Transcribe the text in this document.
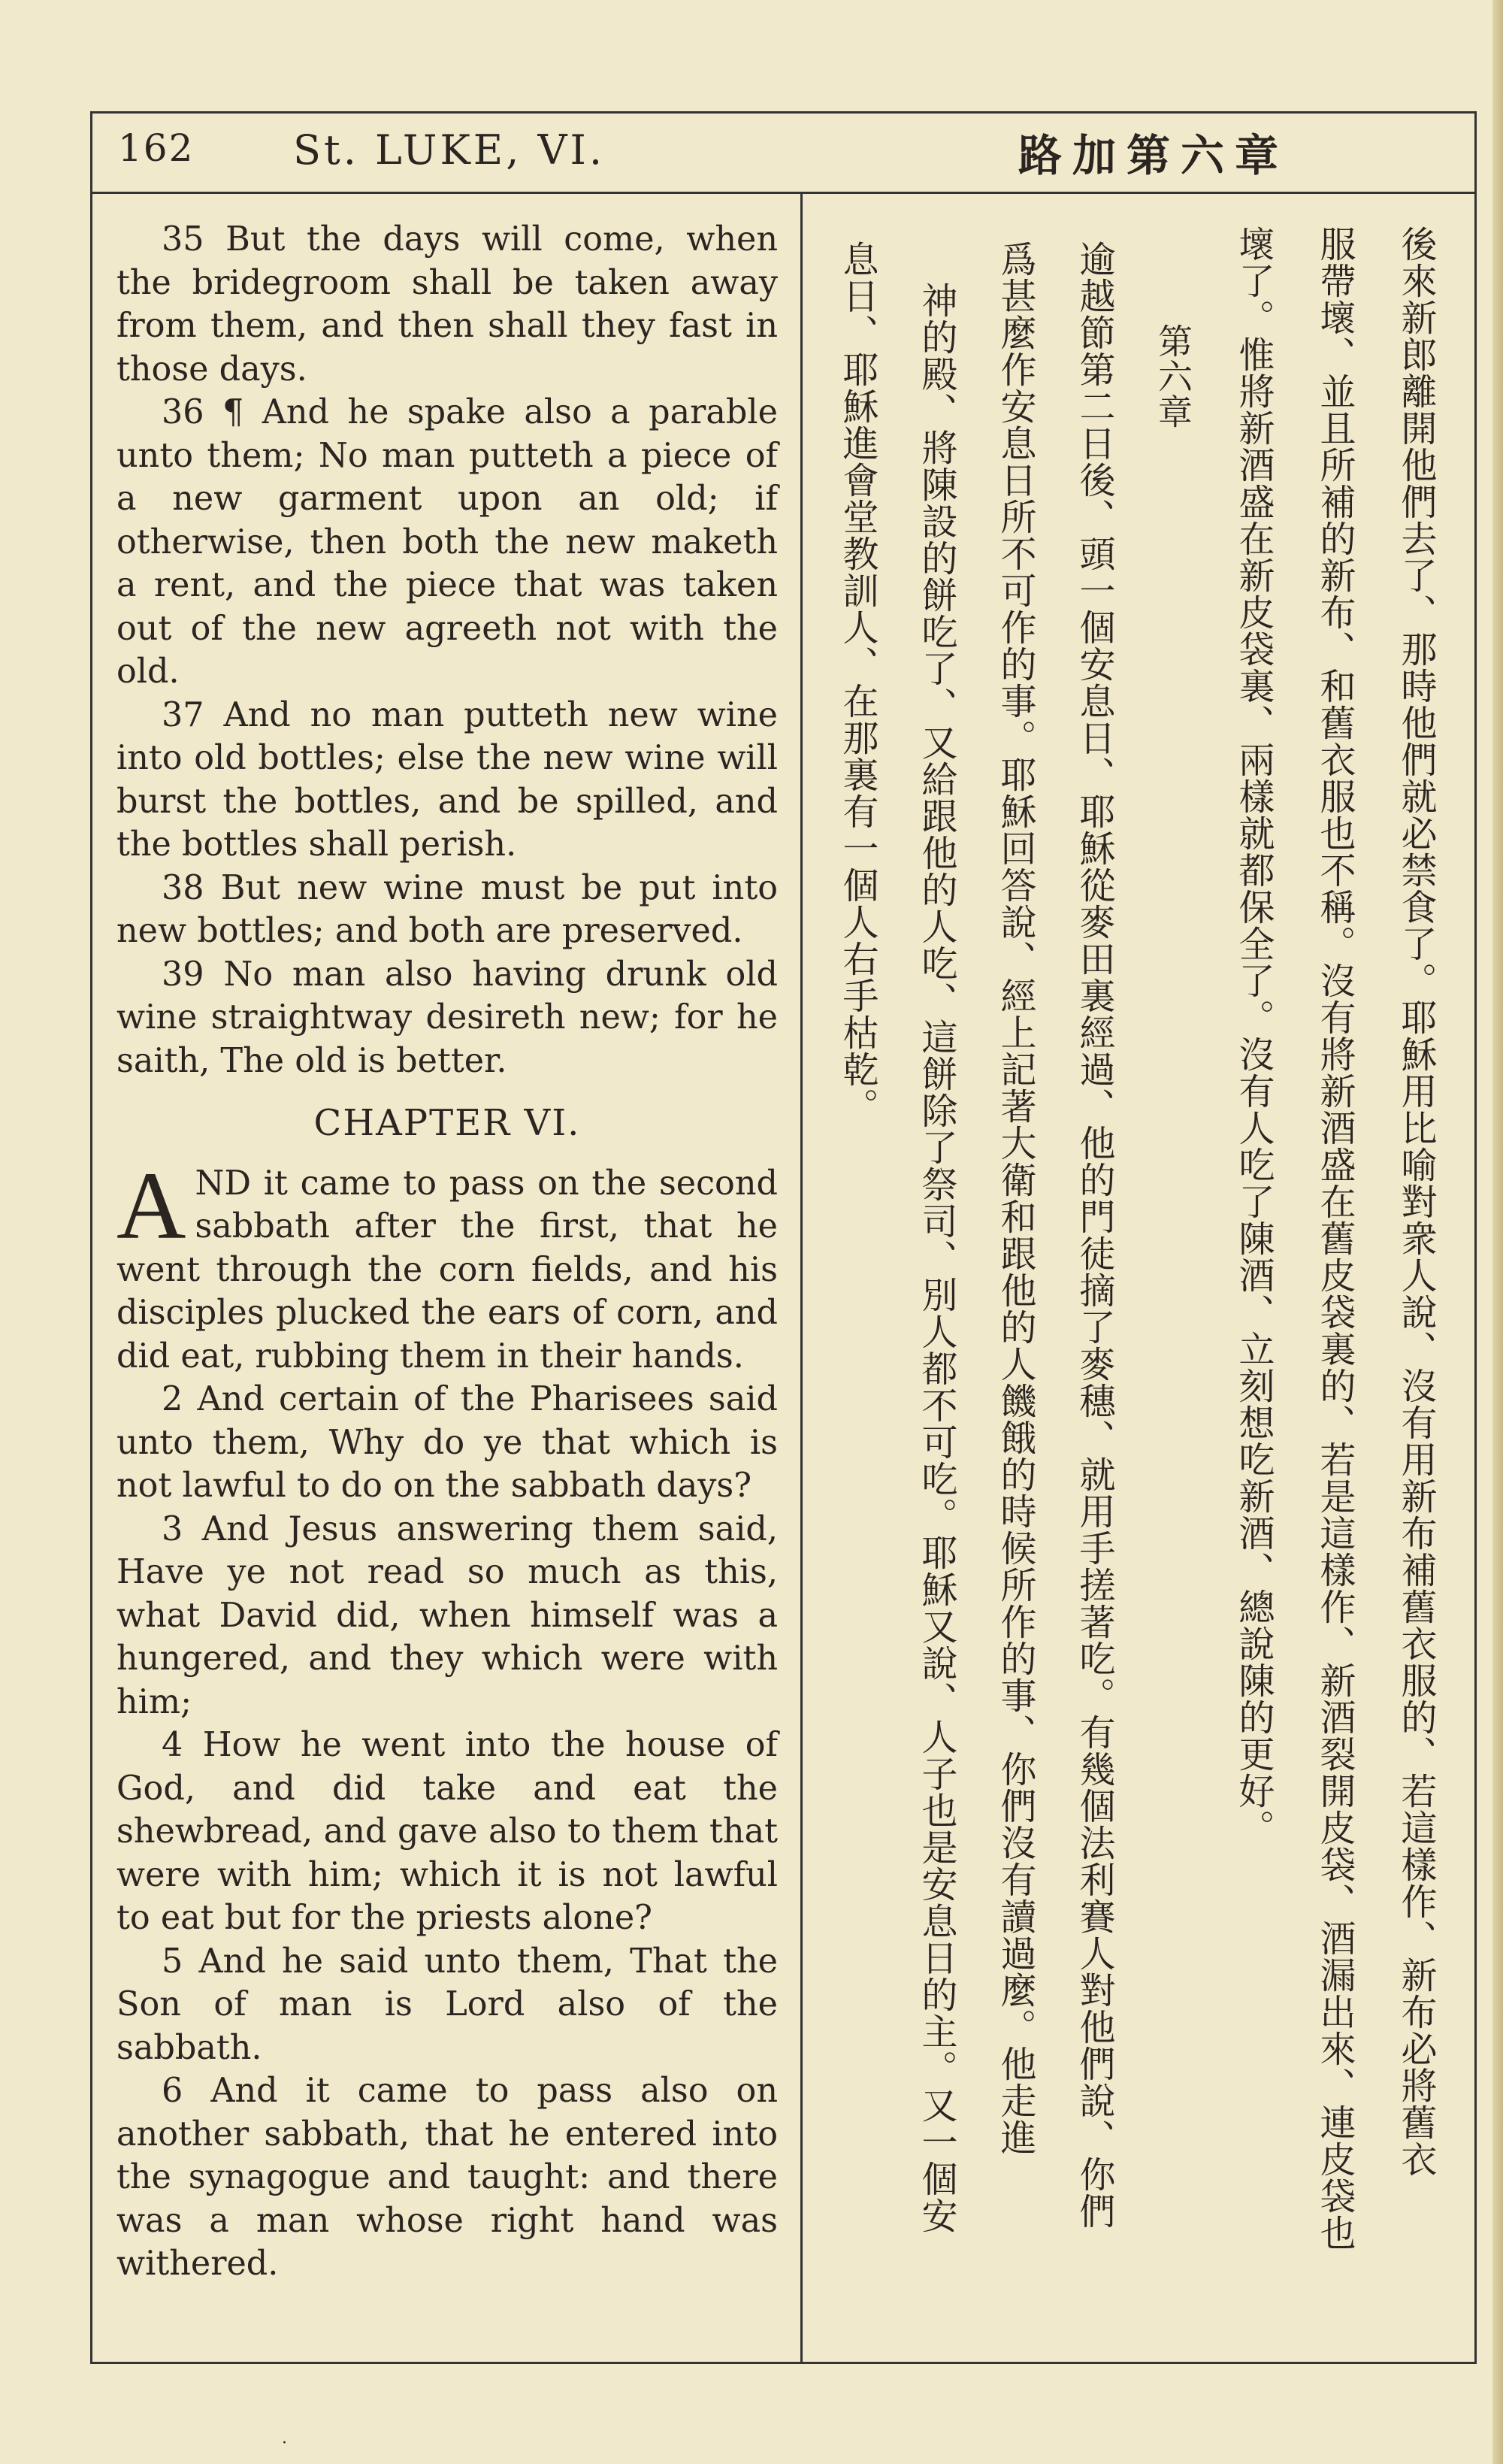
162 St. LUKE, VI.	路加第六章

35 But the days will come, when the bridegroom shall be taken away from them, and then shall they fast in those days.

36 ¶ And he spake also a parable unto them; No man putteth a piece of a new garment upon an old; if otherwise, then both the new maketh a rent, and the piece that was taken out of the new agreeth not with the old.

37 And no man putteth new wine into old bottles; else the new wine will burst the bottles, and be spilled, and the bottles shall perish.

38 But new wine must be put into new bottles; and both are preserved.

39 No man also having drunk old wine straightway desireth new; for he saith, The old is better.

CHAPTER VI.

AND it came to pass on the second sabbath after the first, that he went through the corn fields, and his disciples plucked the ears of corn, and did eat, rubbing them in their hands.

2 And certain of the Pharisees said unto them, Why do ye that which is not lawful to do on the sabbath days?

3 And Jesus answering them said, Have ye not read so much as this, what David did, when himself was a hungered, and they which were with him;

4 How he went into the house of God, and did take and eat the shewbread, and gave also to them that were with him; which it is not lawful to eat but for the priests alone?

5 And he said unto them, That the Son of man is Lord also of the sabbath.

6 And it came to pass also on another sabbath, that he entered into the synagogue and taught: and there was a man whose right hand was withered.

後來新郎離開他們去了、那時他們就必禁食了。耶穌用比喻對衆人說、沒有用新布補舊衣服的、若這樣作、新布必將舊衣
服帶壞、並且所補的新布、和舊衣服也不稱。沒有將新酒盛在舊皮袋裏的、若是這樣作、新酒裂開皮袋、酒漏出來、連皮袋也
壞了。惟將新酒盛在新皮袋裏、兩樣就都保全了。沒有人吃了陳酒、立刻想吃新酒、總說陳的更好。
第六章
逾越節第二日後、頭一個安息日、耶穌從麥田裏經過、他的門徒摘了麥穗、就用手搓著吃。有幾個法利賽人對他們說、你們
爲甚麼作安息日所不可作的事。耶穌回答說、經上記著大衛和跟他的人饑餓的時候所作的事、你們沒有讀過麼。他走進
神的殿、將陳設的餅吃了、又給跟他的人吃、這餅除了祭司、別人都不可吃。耶穌又說、人子也是安息日的主。又一個安
息日、耶穌進會堂教訓人、在那裏有一個人右手枯乾。
·
